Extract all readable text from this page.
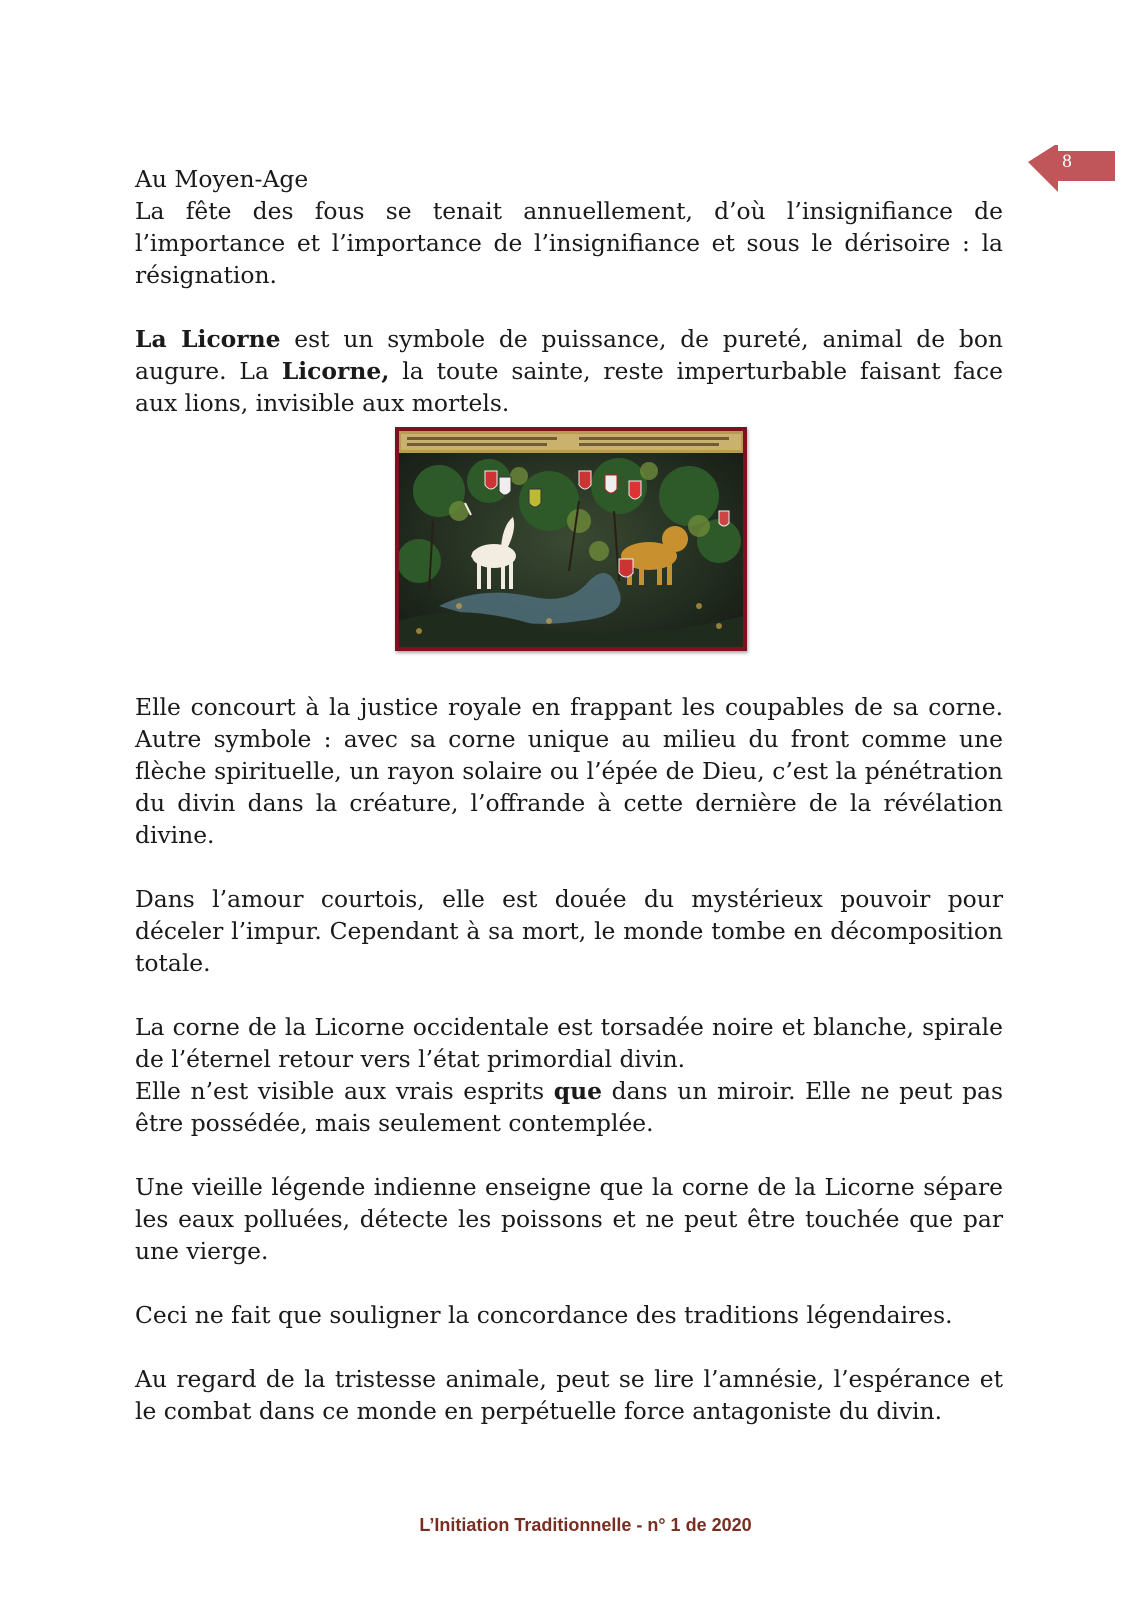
8

Au Moyen-Age
La fête des fous se tenait annuellement, d’où l’insignifiance de l’importance et l’importance de l’insignifiance et sous le dérisoire : la résignation.

La Licorne est un symbole de puissance, de pureté, animal de bon augure. La Licorne, la toute sainte, reste imperturbable faisant face aux lions, invisible aux mortels.

Elle concourt à la justice royale en frappant les coupables de sa corne. Autre symbole : avec sa corne unique au milieu du front comme une flèche spirituelle, un rayon solaire ou l’épée de Dieu, c’est la pénétration du divin dans la créature, l’offrande à cette dernière de la révélation divine.

Dans l’amour courtois, elle est douée du mystérieux pouvoir pour déceler l’impur. Cependant à sa mort, le monde tombe en décomposition totale.

La corne de la Licorne occidentale est torsadée noire et blanche, spirale de l’éternel retour vers l’état primordial divin.

Elle n’est visible aux vrais esprits que dans un miroir. Elle ne peut pas être possédée, mais seulement contemplée.

Une vieille légende indienne enseigne que la corne de la Licorne sépare les eaux polluées, détecte les poissons et ne peut être touchée que par une vierge.

Ceci ne fait que souligner la concordance des traditions légendaires.

Au regard de la tristesse animale, peut se lire l’amnésie, l’espérance et le combat dans ce monde en perpétuelle force antagoniste du divin.

L’Initiation Traditionnelle - n° 1 de 2020
